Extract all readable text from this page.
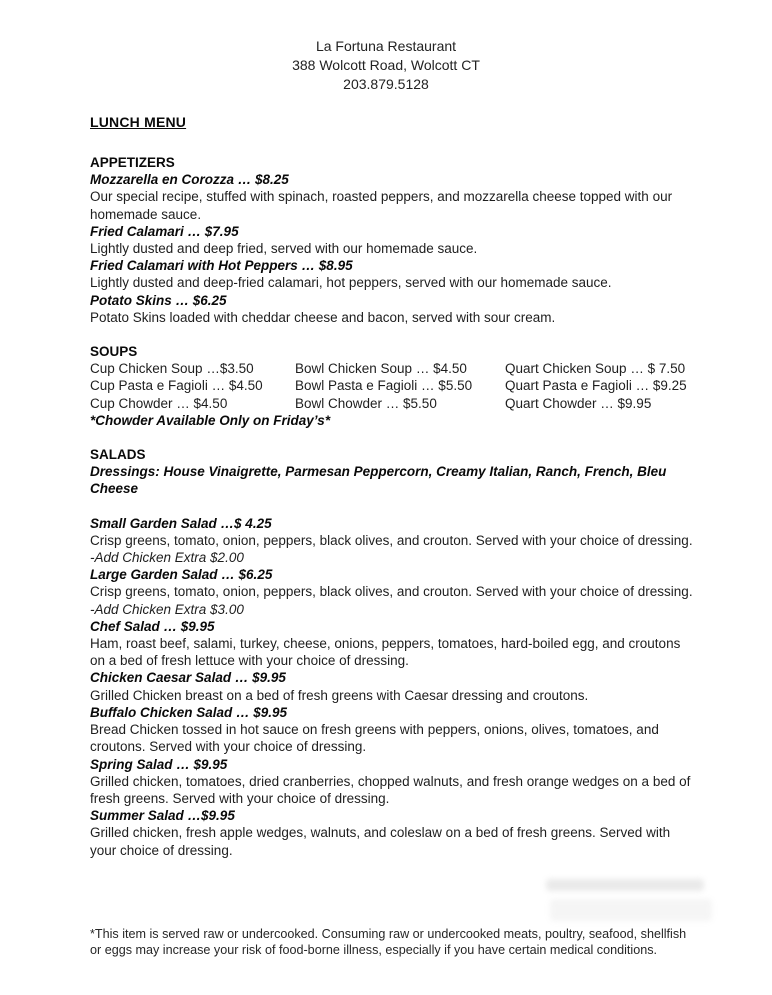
La Fortuna Restaurant
388 Wolcott Road, Wolcott CT
203.879.5128
LUNCH MENU
APPETIZERS
Mozzarella en Corozza … $8.25
Our special recipe, stuffed with spinach, roasted peppers, and mozzarella cheese topped with our homemade sauce.
Fried Calamari … $7.95
Lightly dusted and deep fried, served with our homemade sauce.
Fried Calamari with Hot Peppers … $8.95
Lightly dusted and deep-fried calamari, hot peppers, served with our homemade sauce.
Potato Skins … $6.25
Potato Skins loaded with cheddar cheese and bacon, served with sour cream.
SOUPS
Cup Chicken Soup …$3.50	Bowl Chicken Soup … $4.50	Quart Chicken Soup … $ 7.50
Cup Pasta e Fagioli … $4.50	Bowl Pasta e Fagioli … $5.50	Quart Pasta e Fagioli … $9.25
Cup Chowder … $4.50	Bowl Chowder … $5.50	Quart Chowder … $9.95
*Chowder Available Only on Friday’s*
SALADS
Dressings: House Vinaigrette, Parmesan Peppercorn, Creamy Italian, Ranch, French, Bleu Cheese
Small Garden Salad …$ 4.25
Crisp greens, tomato, onion, peppers, black olives, and crouton. Served with your choice of dressing.
-Add Chicken Extra $2.00
Large Garden Salad … $6.25
Crisp greens, tomato, onion, peppers, black olives, and crouton. Served with your choice of dressing.
-Add Chicken Extra $3.00
Chef Salad … $9.95
Ham, roast beef, salami, turkey, cheese, onions, peppers, tomatoes, hard-boiled egg, and croutons on a bed of fresh lettuce with your choice of dressing.
Chicken Caesar Salad … $9.95
Grilled Chicken breast on a bed of fresh greens with Caesar dressing and croutons.
Buffalo Chicken Salad … $9.95
Bread Chicken tossed in hot sauce on fresh greens with peppers, onions, olives, tomatoes, and croutons. Served with your choice of dressing.
Spring Salad … $9.95
Grilled chicken, tomatoes, dried cranberries, chopped walnuts, and fresh orange wedges on a bed of fresh greens. Served with your choice of dressing.
Summer Salad …$9.95
Grilled chicken, fresh apple wedges, walnuts, and coleslaw on a bed of fresh greens. Served with your choice of dressing.
*This item is served raw or undercooked. Consuming raw or undercooked meats, poultry, seafood, shellfish or eggs may increase your risk of food-borne illness, especially if you have certain medical conditions.
